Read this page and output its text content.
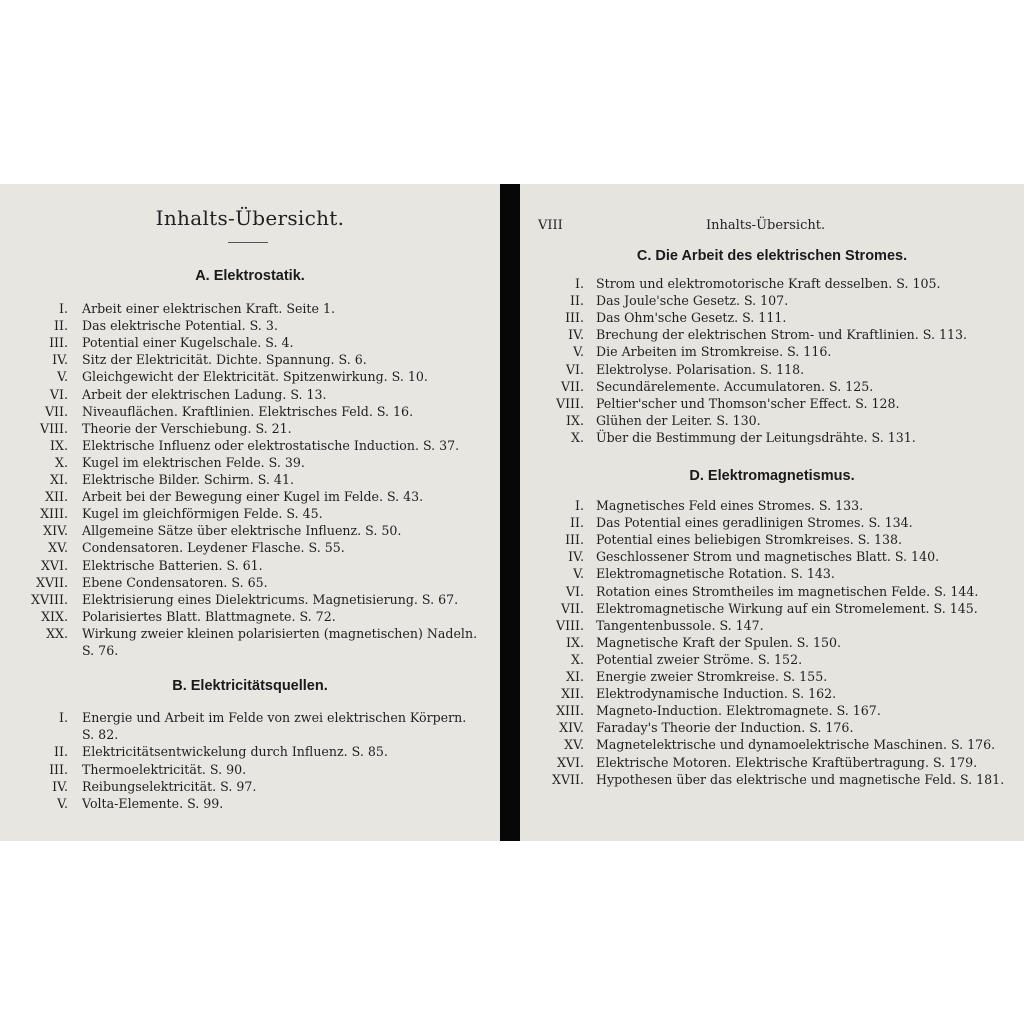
Inhalts-Übersicht.
A. Elektrostatik.
I. Arbeit einer elektrischen Kraft. Seite 1.
II. Das elektrische Potential. S. 3.
III. Potential einer Kugelschale. S. 4.
IV. Sitz der Elektricität. Dichte. Spannung. S. 6.
V. Gleichgewicht der Elektricität. Spitzenwirkung. S. 10.
VI. Arbeit der elektrischen Ladung. S. 13.
VII. Niveauflächen. Kraftlinien. Elektrisches Feld. S. 16.
VIII. Theorie der Verschiebung. S. 21.
IX. Elektrische Influenz oder elektrostatische Induction. S. 37.
X. Kugel im elektrischen Felde. S. 39.
XI. Elektrische Bilder. Schirm. S. 41.
XII. Arbeit bei der Bewegung einer Kugel im Felde. S. 43.
XIII. Kugel im gleichförmigen Felde. S. 45.
XIV. Allgemeine Sätze über elektrische Influenz. S. 50.
XV. Condensatoren. Leydener Flasche. S. 55.
XVI. Elektrische Batterien. S. 61.
XVII. Ebene Condensatoren. S. 65.
XVIII. Elektrisierung eines Dielektricums. Magnetisierung. S. 67.
XIX. Polarisiertes Blatt. Blattmagnete. S. 72.
XX. Wirkung zweier kleinen polarisierten (magnetischen) Nadeln.
S. 76.
B. Elektricitätsquellen.
I. Energie und Arbeit im Felde von zwei elektrischen Körpern.
S. 82.
II. Elektricitätsentwickelung durch Influenz. S. 85.
III. Thermoelektricität. S. 90.
IV. Reibungselektricität. S. 97.
V. Volta-Elemente. S. 99.
VIII	Inhalts-Übersicht.
C. Die Arbeit des elektrischen Stromes.
I. Strom und elektromotorische Kraft desselben. S. 105.
II. Das Joule'sche Gesetz. S. 107.
III. Das Ohm'sche Gesetz. S. 111.
IV. Brechung der elektrischen Strom- und Kraftlinien. S. 113.
V. Die Arbeiten im Stromkreise. S. 116.
VI. Elektrolyse. Polarisation. S. 118.
VII. Secundärelemente. Accumulatoren. S. 125.
VIII. Peltier'scher und Thomson'scher Effect. S. 128.
IX. Glühen der Leiter. S. 130.
X. Über die Bestimmung der Leitungsdrähte. S. 131.
D. Elektromagnetismus.
I. Magnetisches Feld eines Stromes. S. 133.
II. Das Potential eines geradlinigen Stromes. S. 134.
III. Potential eines beliebigen Stromkreises. S. 138.
IV. Geschlossener Strom und magnetisches Blatt. S. 140.
V. Elektromagnetische Rotation. S. 143.
VI. Rotation eines Stromtheiles im magnetischen Felde. S. 144.
VII. Elektromagnetische Wirkung auf ein Stromelement. S. 145.
VIII. Tangentenbussole. S. 147.
IX. Magnetische Kraft der Spulen. S. 150.
X. Potential zweier Ströme. S. 152.
XI. Energie zweier Stromkreise. S. 155.
XII. Elektrodynamische Induction. S. 162.
XIII. Magneto-Induction. Elektromagnete. S. 167.
XIV. Faraday's Theorie der Induction. S. 176.
XV. Magnetelektrische und dynamoelektrische Maschinen. S. 176.
XVI. Elektrische Motoren. Elektrische Kraftübertragung. S. 179.
XVII. Hypothesen über das elektrische und magnetische Feld. S. 181.
